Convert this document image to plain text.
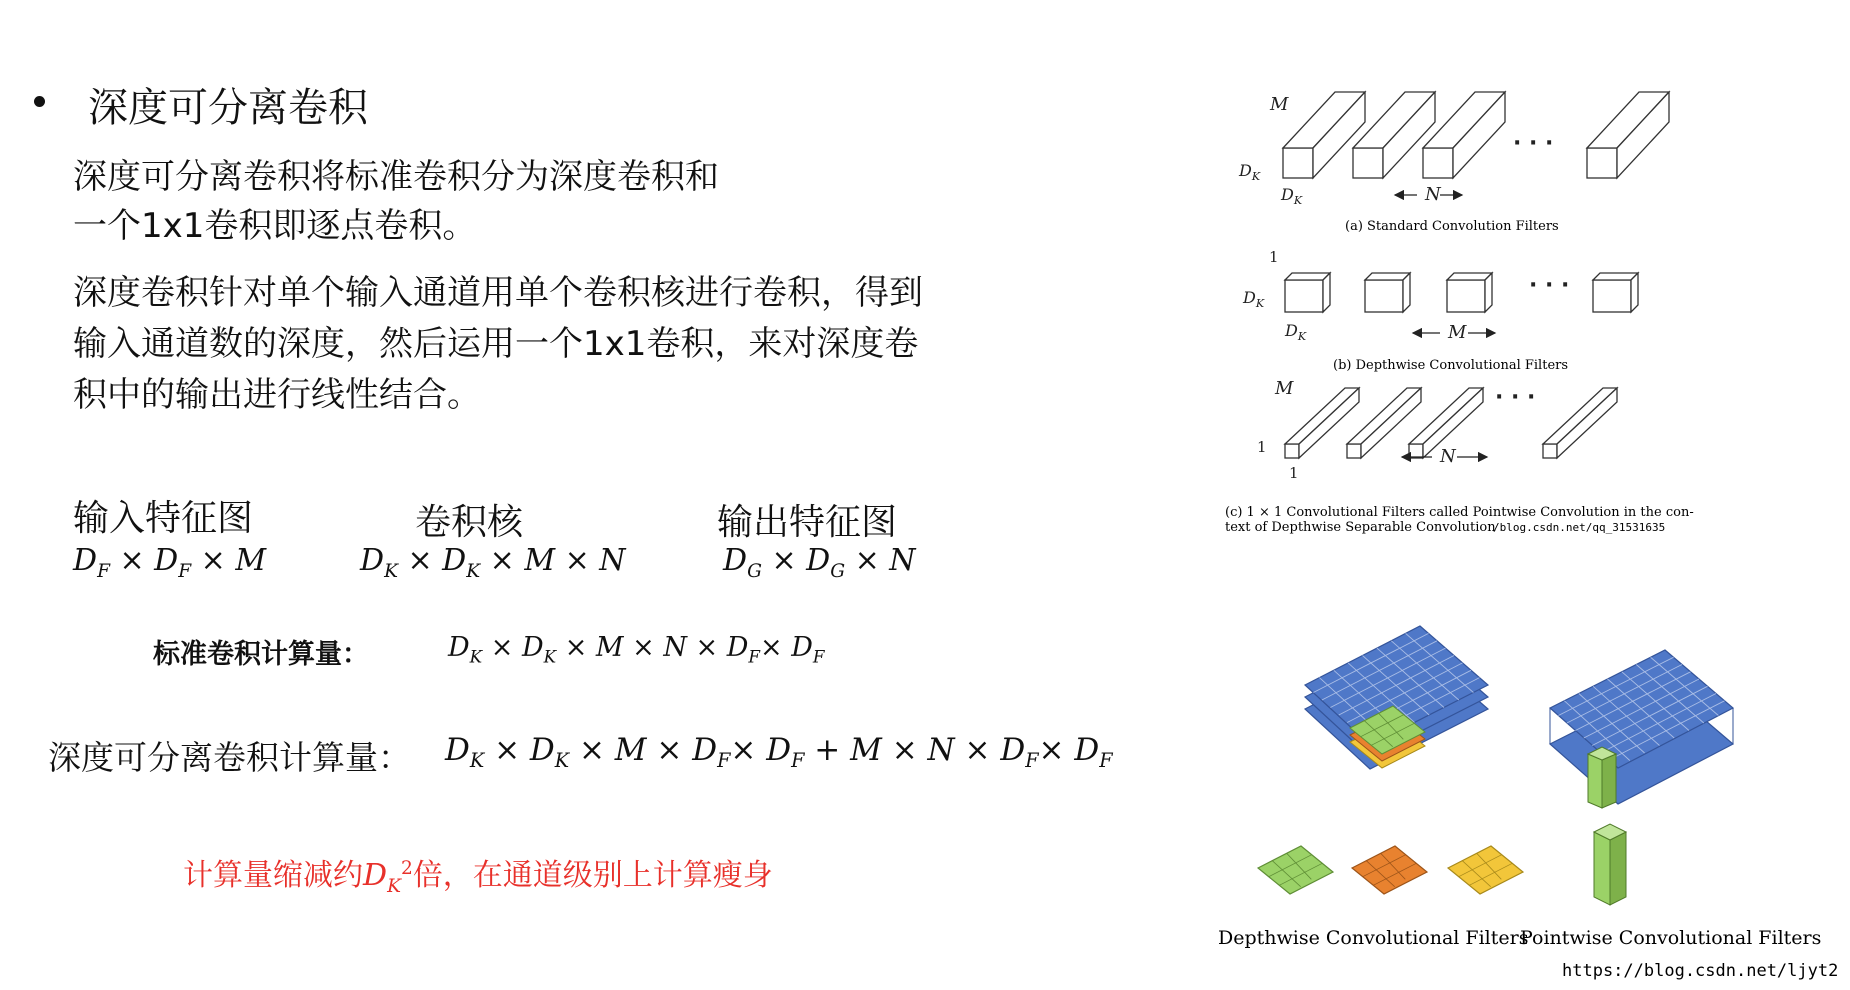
深度可分离卷积
深度可分离卷积将标准卷积分为深度卷积和
一个1x1卷积即逐点卷积。
深度卷积针对单个输入通道用单个卷积核进行卷积，得到
输入通道数的深度，然后运用一个1x1卷积，来对深度卷
积中的输出进行线性结合。
输入特征图	卷积核	输出特征图
$D_F \times D_F \times M$	$D_K \times D_K \times M \times N$	$D_G \times D_G \times N$
标准卷积计算量：	$D_K \times D_K \times M \times N \times D_F\times D_F$
深度可分离卷积计算量： $D_K \times D_K \times M \times D_F\times D_F + M \times N \times D_F\times D_F$
计算量缩减约$D_K^2$倍，在通道级别上计算瘦身
M
$D_K$
$D_K$	N
$D_K$
$D_K$	M
M
N
1
1
1
· · ·
· · ·
· · ·
(a) Standard Convolution Filters
(b) Depthwise Convolutional Filters
(c) 1 × 1 Convolutional Filters called Pointwise Convolution in the con-
text of Depthwise Separable Convolution
/blog.csdn.net/qq_31531635
Depthwise Convolutional Filters
Pointwise Convolutional Filters
https://blog.csdn.net/ljyt2
